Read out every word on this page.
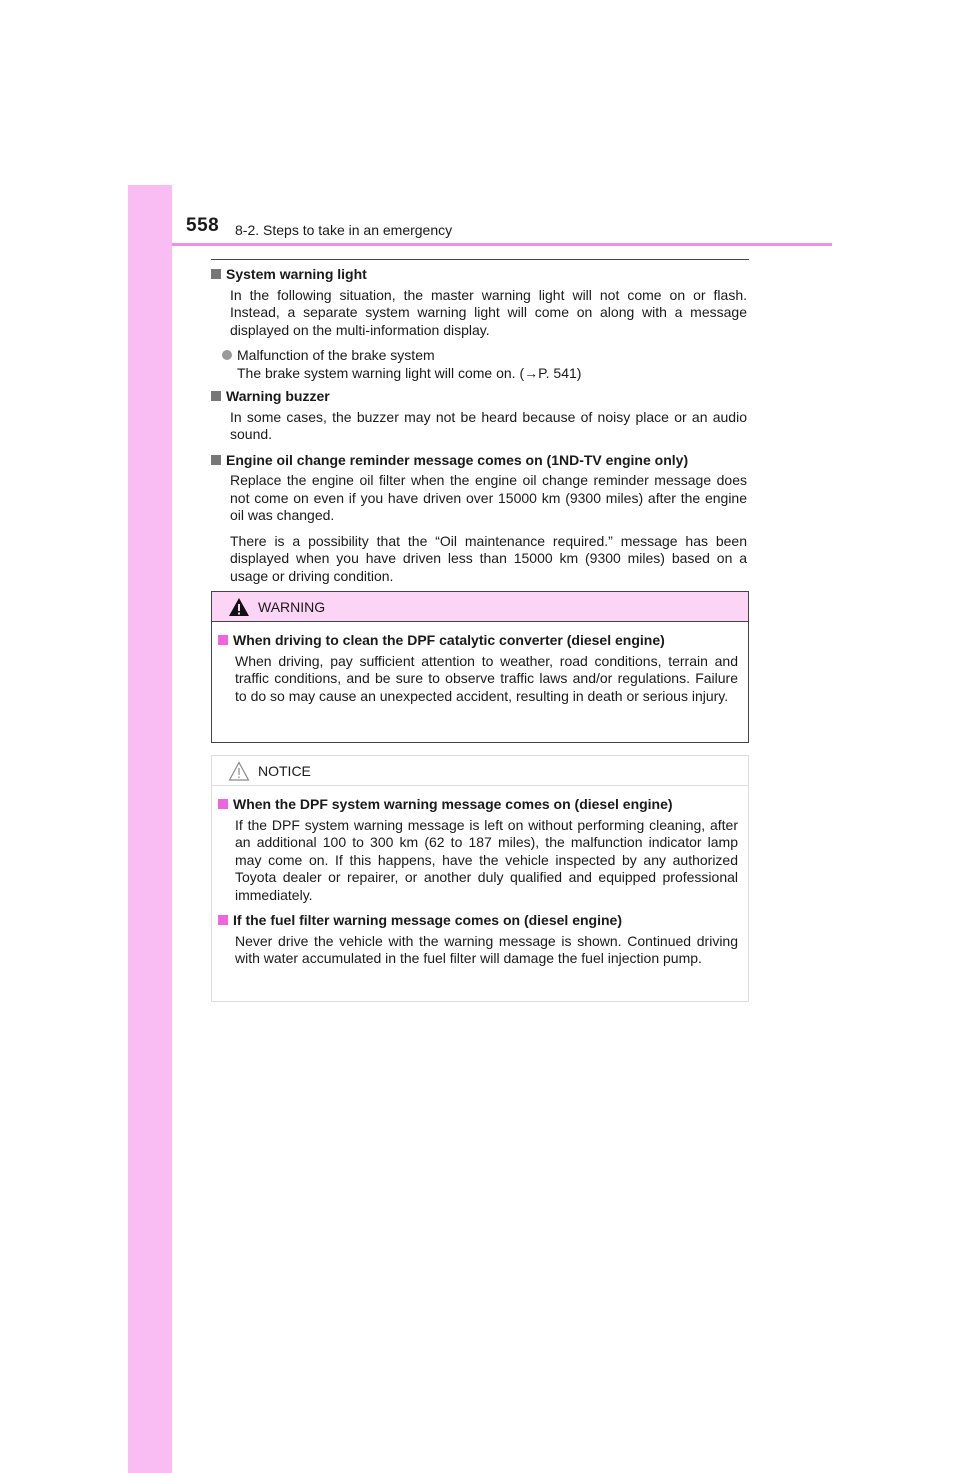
558 8-2. Steps to take in an emergency
System warning light
In the following situation, the master warning light will not come on or flash. Instead, a separate system warning light will come on along with a message displayed on the multi-information display.
Malfunction of the brake system
The brake system warning light will come on. (→P. 541)
Warning buzzer
In some cases, the buzzer may not be heard because of noisy place or an audio sound.
Engine oil change reminder message comes on (1ND-TV engine only)
Replace the engine oil filter when the engine oil change reminder message does not come on even if you have driven over 15000 km (9300 miles) after the engine oil was changed.
There is a possibility that the “Oil maintenance required.” message has been displayed when you have driven less than 15000 km (9300 miles) based on a usage or driving condition.
WARNING
When driving to clean the DPF catalytic converter (diesel engine)
When driving, pay sufficient attention to weather, road conditions, terrain and traffic conditions, and be sure to observe traffic laws and/or regulations. Failure to do so may cause an unexpected accident, resulting in death or serious injury.
NOTICE
When the DPF system warning message comes on (diesel engine)
If the DPF system warning message is left on without performing cleaning, after an additional 100 to 300 km (62 to 187 miles), the malfunction indicator lamp may come on. If this happens, have the vehicle inspected by any authorized Toyota dealer or repairer, or another duly qualified and equipped professional immediately.
If the fuel filter warning message comes on (diesel engine)
Never drive the vehicle with the warning message is shown. Continued driving with water accumulated in the fuel filter will damage the fuel injection pump.
